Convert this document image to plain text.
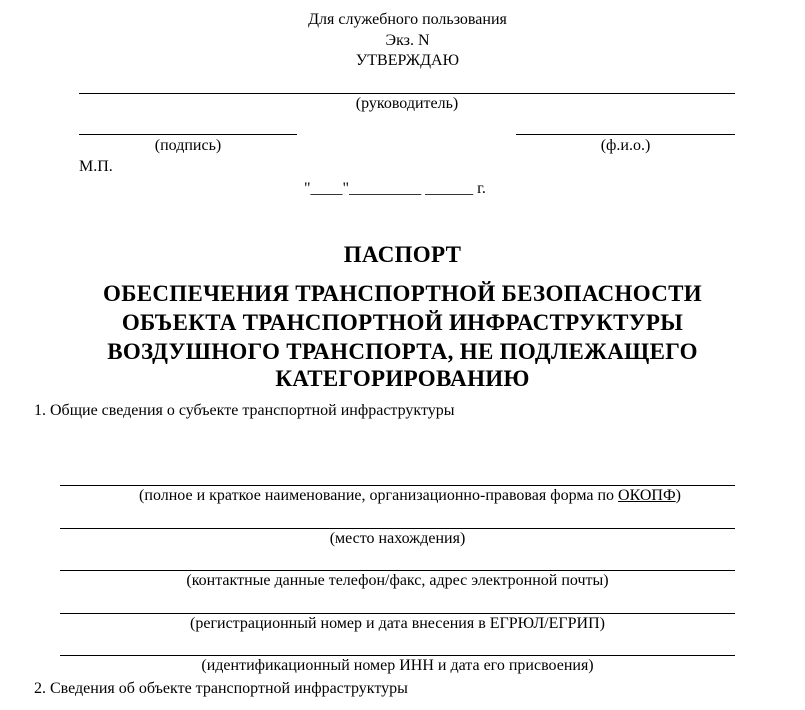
Для служебного пользования
Экз. N
УТВЕРЖДАЮ
(руководитель)
(подпись)	(ф.и.о.)
М.П.
"____"_________ ______ г.
ПАСПОРТ
ОБЕСПЕЧЕНИЯ ТРАНСПОРТНОЙ БЕЗОПАСНОСТИ
ОБЪЕКТА ТРАНСПОРТНОЙ ИНФРАСТРУКТУРЫ
ВОЗДУШНОГО ТРАНСПОРТА, НЕ ПОДЛЕЖАЩЕГО
КАТЕГОРИРОВАНИЮ
1. Общие сведения о субъекте транспортной инфраструктуры
(полное и краткое наименование, организационно-правовая форма по ОКОПФ)
(место нахождения)
(контактные данные телефон/факс, адрес электронной почты)
(регистрационный номер и дата внесения в ЕГРЮЛ/ЕГРИП)
(идентификационный номер ИНН и дата его присвоения)
2. Сведения об объекте транспортной инфраструктуры
